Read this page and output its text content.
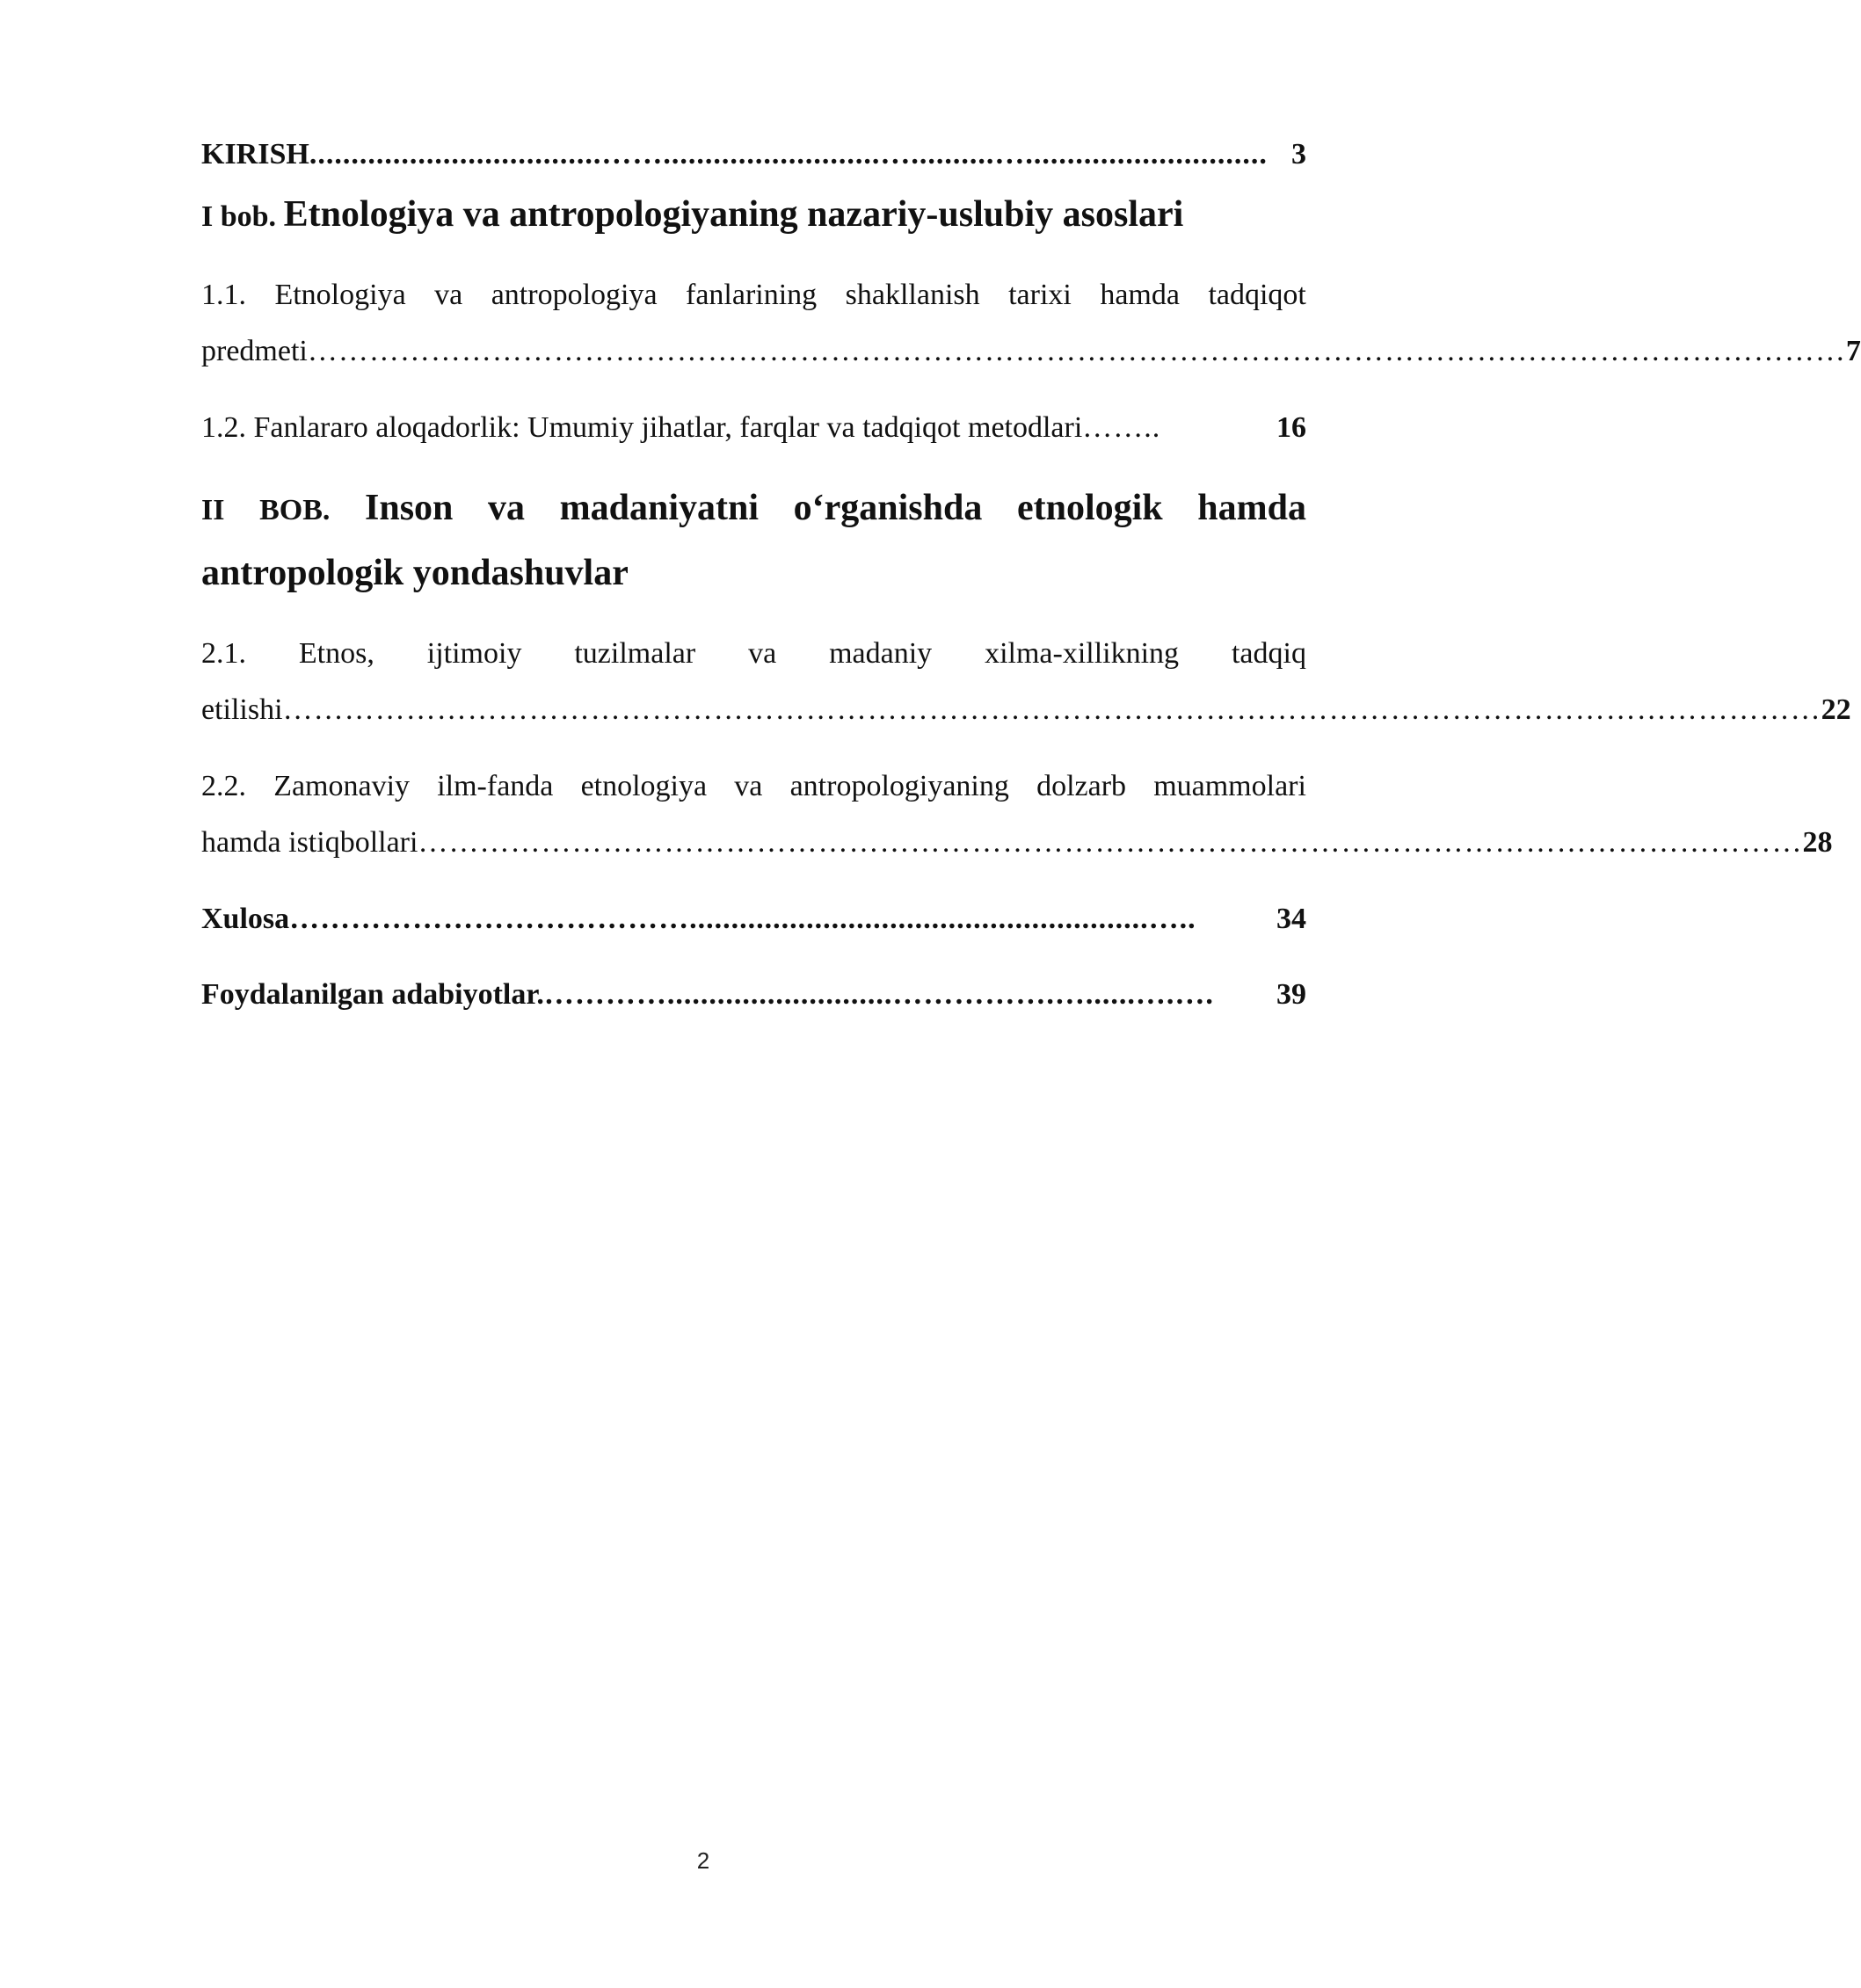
KIRISH ...................................……..........................…..........…............................. 3
I bob. Etnologiya va antropologiyaning nazariy-uslubiy asoslari
1.1. Etnologiya va antropologiya fanlarining shakllanish tarixi hamda tadqiqot
predmeti …………………………………………………………………………………………………………………………………… 7
1.2. Fanlararo aloqadorlik: Umumiy jihatlar, farqlar va tadqiqot metodlari ……..	16
II BOB. Inson va madaniyatni o‘rganishda etnologik hamda
antropologik yondashuvlar
2.1. Etnos, ijtimoiy tuzilmalar va madaniy xilma-xillikning tadqiq
etilishi …………………………………………………………………………………………………………………………………… 22
2.2. Zamonaviy ilm-fanda etnologiya va antropologiyaning dolzarb muammolari
hamda istiqbollari ……………………………………………………………………………………………………………………… 28
Xulosa ………………………………….......................................................…..	34
Foydalanilgan adabiyotlar. …………...........................…………….…......….….	39
2
